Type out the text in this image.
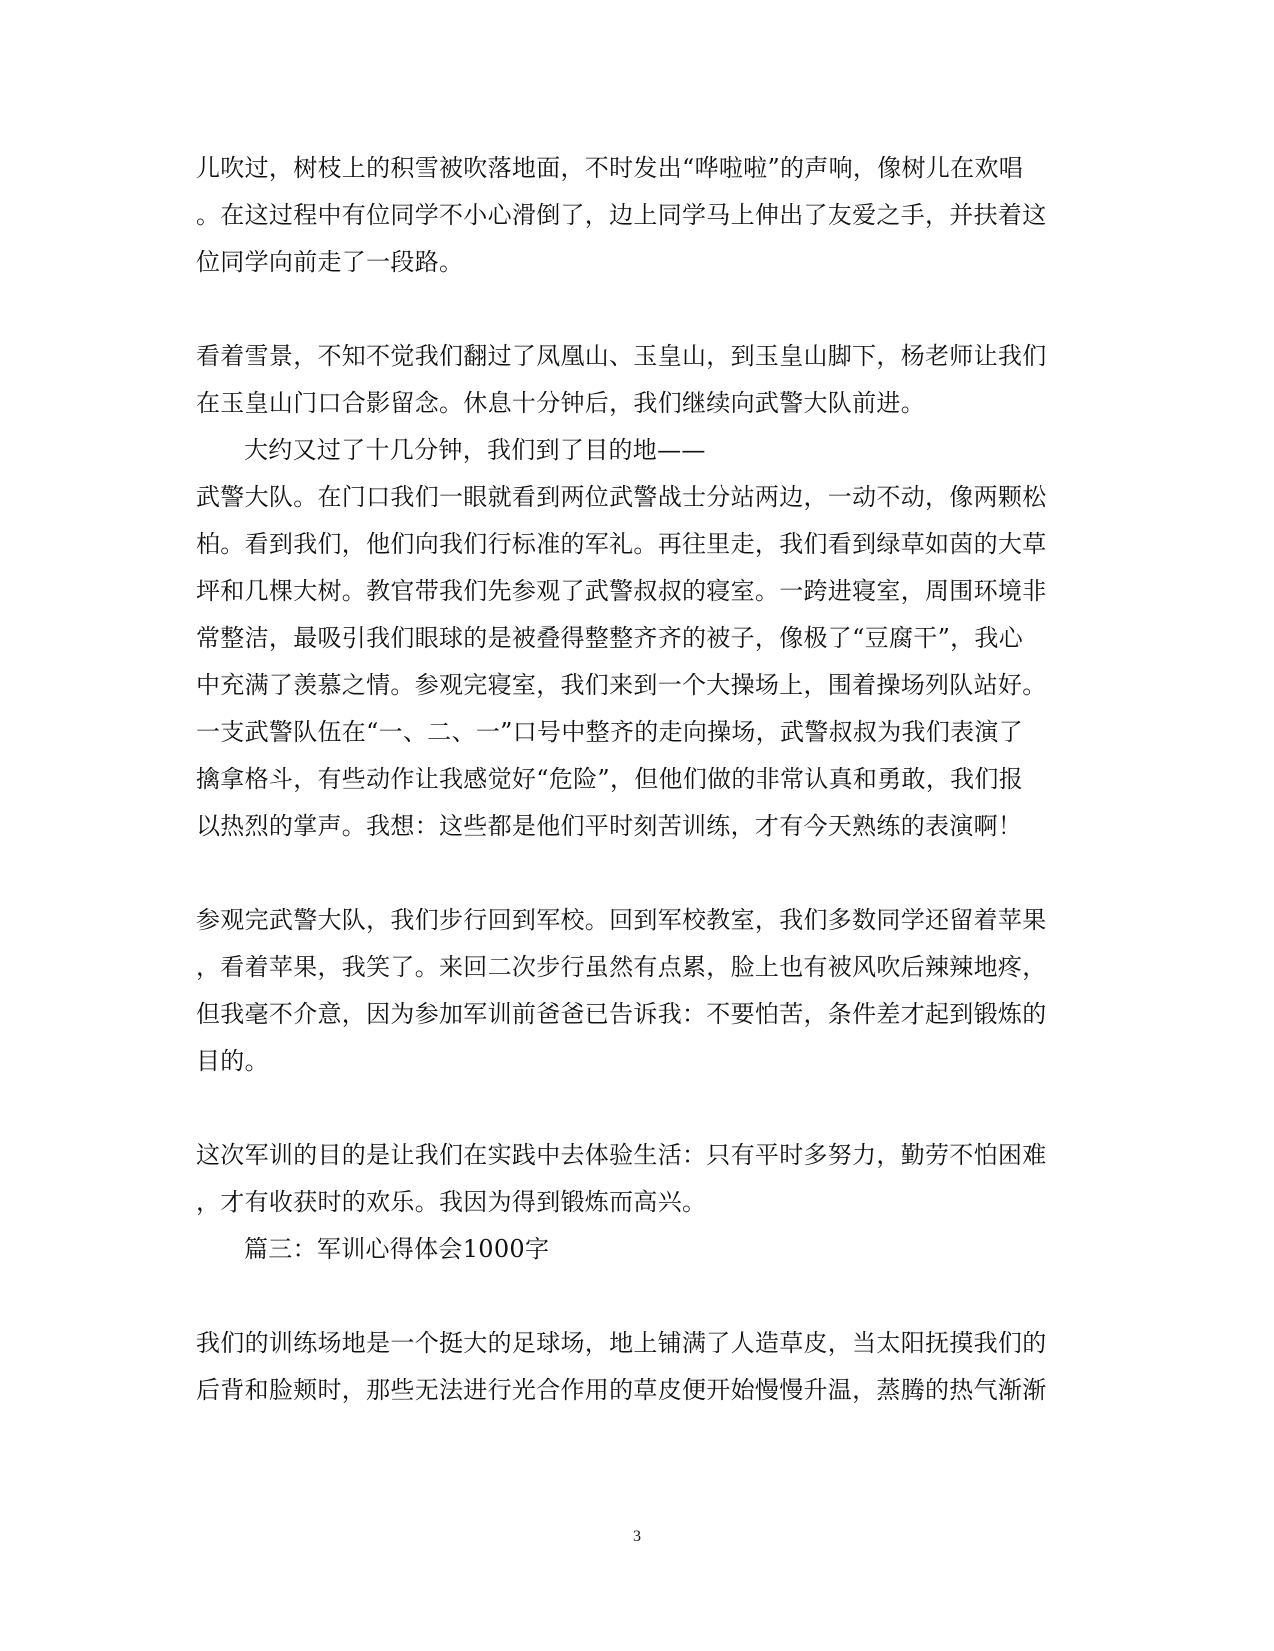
儿吹过，树枝上的积雪被吹落地面，不时发出“哗啦啦”的声响，像树儿在欢唱
。在这过程中有位同学不小心滑倒了，边上同学马上伸出了友爱之手，并扶着这
位同学向前走了一段路。
看着雪景，不知不觉我们翻过了凤凰山、玉皇山，到玉皇山脚下，杨老师让我们
在玉皇山门口合影留念。休息十分钟后，我们继续向武警大队前进。
大约又过了十几分钟，我们到了目的地——
武警大队。在门口我们一眼就看到两位武警战士分站两边，一动不动，像两颗松
柏。看到我们，他们向我们行标准的军礼。再往里走，我们看到绿草如茵的大草
坪和几棵大树。教官带我们先参观了武警叔叔的寝室。一跨进寝室，周围环境非
常整洁，最吸引我们眼球的是被叠得整整齐齐的被子，像极了“豆腐干”，我心
中充满了羡慕之情。参观完寝室，我们来到一个大操场上，围着操场列队站好。
一支武警队伍在“一、二、一”口号中整齐的走向操场，武警叔叔为我们表演了
擒拿格斗，有些动作让我感觉好“危险”，但他们做的非常认真和勇敢，我们报
以热烈的掌声。我想：这些都是他们平时刻苦训练，才有今天熟练的表演啊！
参观完武警大队，我们步行回到军校。回到军校教室，我们多数同学还留着苹果
，看着苹果，我笑了。来回二次步行虽然有点累，脸上也有被风吹后辣辣地疼，
但我毫不介意，因为参加军训前爸爸已告诉我：不要怕苦，条件差才起到锻炼的
目的。
这次军训的目的是让我们在实践中去体验生活：只有平时多努力，勤劳不怕困难
，才有收获时的欢乐。我因为得到锻炼而高兴。
篇三：军训心得体会1000字
我们的训练场地是一个挺大的足球场，地上铺满了人造草皮，当太阳抚摸我们的
后背和脸颊时，那些无法进行光合作用的草皮便开始慢慢升温，蒸腾的热气渐渐
3
